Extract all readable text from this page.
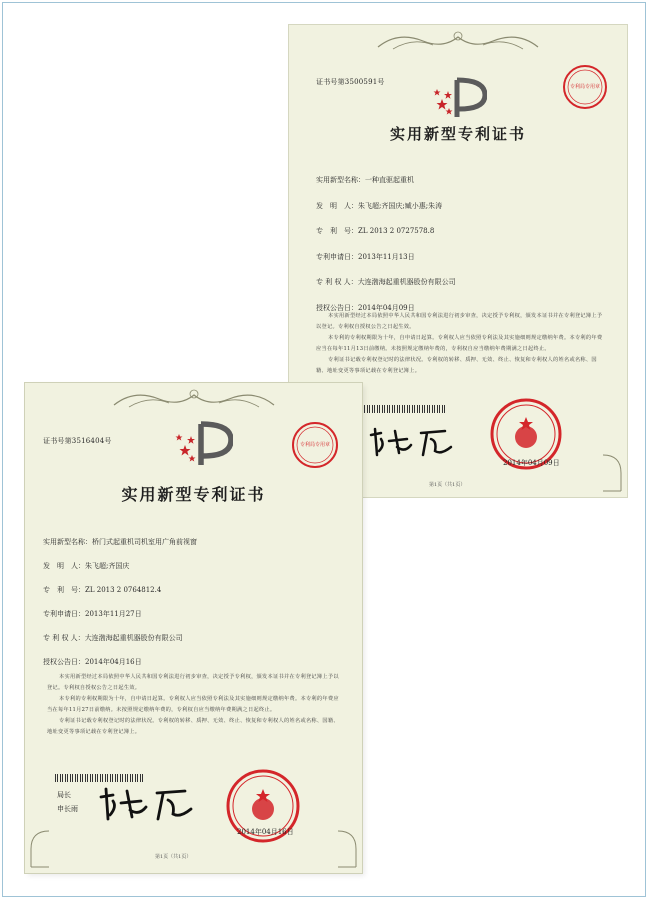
证书号第3500591号
专利局专用章
实用新型专利证书
实用新型名称：一种直驱起重机
发　明　人：朱飞超;齐国庆;臧小惠;朱涛
专　利　号：ZL 2013 2 0727578.8
专利申请日：2013年11月13日
专 利 权 人：大连渤海起重机器股份有限公司
授权公告日：2014年04月09日

本实用新型经过本局依照中华人民共和国专利法进行初步审查，决定授予专利权，颁发本证书并在专利登记簿上予以登记。专利权自授权公告之日起生效。

本专利的专利权期限为十年，自申请日起算。专利权人应当依照专利法及其实施细则规定缴纳年费。本专利的年费应当在每年11月13日前缴纳。未按照规定缴纳年费的，专利权自应当缴纳年费期满之日起终止。

专利证书记载专利权登记时的法律状况。专利权的转移、质押、无效、终止、恢复和专利权人的姓名或名称、国籍、地址变更等事项记载在专利登记簿上。

2014年04月09日
第1页（共1页）
证书号第3516404号	专利局专用章
实用新型专利证书
实用新型名称：桥门式起重机司机室用广角前视窗
发　明　人：朱飞超;齐国庆
专　利　号：ZL 2013 2 0764812.4
专利申请日：2013年11月27日
专 利 权 人：大连渤海起重机器股份有限公司
授权公告日：2014年04月16日

本实用新型经过本局依照中华人民共和国专利法进行初步审查，决定授予专利权，颁发本证书并在专利登记簿上予以登记。专利权自授权公告之日起生效。

本专利的专利权期限为十年，自申请日起算。专利权人应当依照专利法及其实施细则规定缴纳年费。本专利的年费应当在每年11月27日前缴纳。未按照规定缴纳年费的，专利权自应当缴纳年费期满之日起终止。

专利证书记载专利权登记时的法律状况。专利权的转移、质押、无效、终止、恢复和专利权人的姓名或名称、国籍、地址变更等事项记载在专利登记簿上。

局长
申长雨
2014年04月16日
第1页（共1页）
